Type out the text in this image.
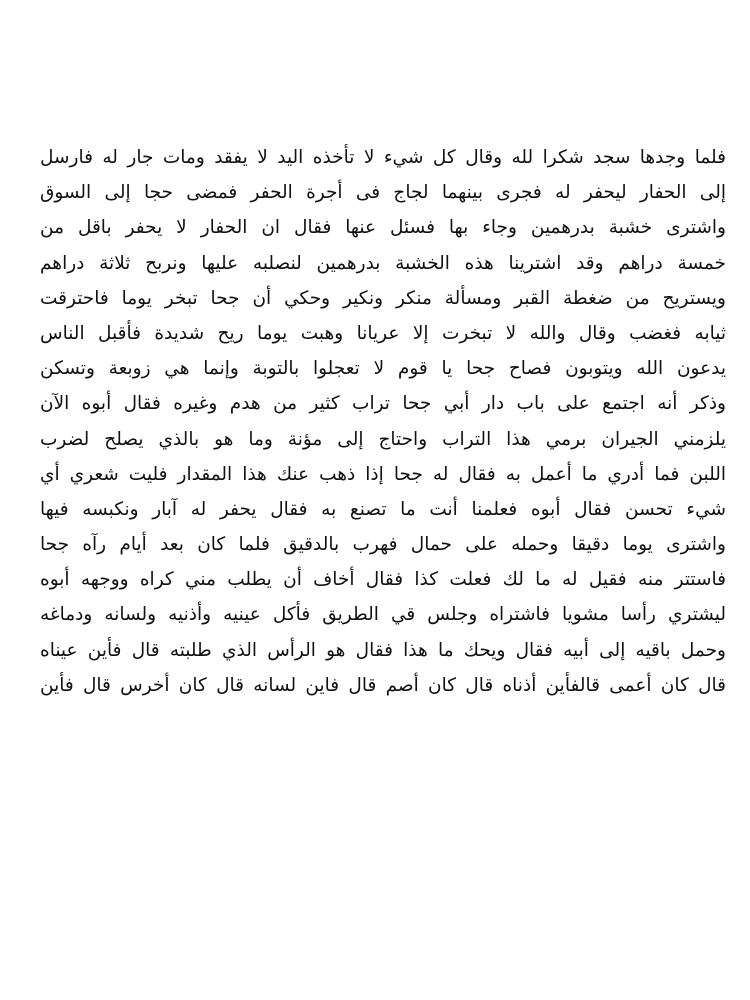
فلما وجدها سجد شكرا لله وقال كل شيء لا تأخذه اليد لا يفقد ومات جار له فارسل
إلى الحفار ليحفر له فجرى بينهما لجاج فى أجرة الحفر فمضى حجا إلى السوق
واشترى خشبة بدرهمين وجاء بها فسئل عنها فقال ان الحفار لا يحفر باقل من
خمسة دراهم وقد اشترينا هذه الخشبة بدرهمين لنصلبه عليها ونربح ثلاثة دراهم
ويستريح من ضغطة القبر ومسألة منكر ونكير وحكي أن جحا تبخر يوما فاحترقت
ثيابه فغضب وقال والله لا تبخرت إلا عريانا وهبت يوما ريح شديدة فأقبل الناس
يدعون الله ويتوبون فصاح جحا يا قوم لا تعجلوا بالتوبة وإنما هي زوبعة وتسكن
وذكر أنه اجتمع على باب دار أبي جحا تراب كثير من هدم وغيره فقال أبوه الآن
يلزمني الجيران برمي هذا التراب واحتاج إلى مؤنة وما هو بالذي يصلح لضرب
اللبن فما أدري ما أعمل به فقال له جحا إذا ذهب عنك هذا المقدار فليت شعري أي
شيء تحسن فقال أبوه فعلمنا أنت ما تصنع به فقال يحفر له آبار ونكبسه فيها
واشترى يوما دقيقا وحمله على حمال فهرب بالدقيق فلما كان بعد أيام رآه جحا
فاستتر منه فقيل له ما لك فعلت كذا فقال أخاف أن يطلب مني كراه ووجهه أبوه
ليشتري رأسا مشويا فاشتراه وجلس قي الطريق فأكل عينيه وأذنيه ولسانه ودماغه
وحمل باقيه إلى أبيه فقال ويحك ما هذا فقال هو الرأس الذي طلبته قال فأين عيناه
قال كان أعمى قالفأين أذناه قال كان أصم قال فاين لسانه قال كان أخرس قال فأين
